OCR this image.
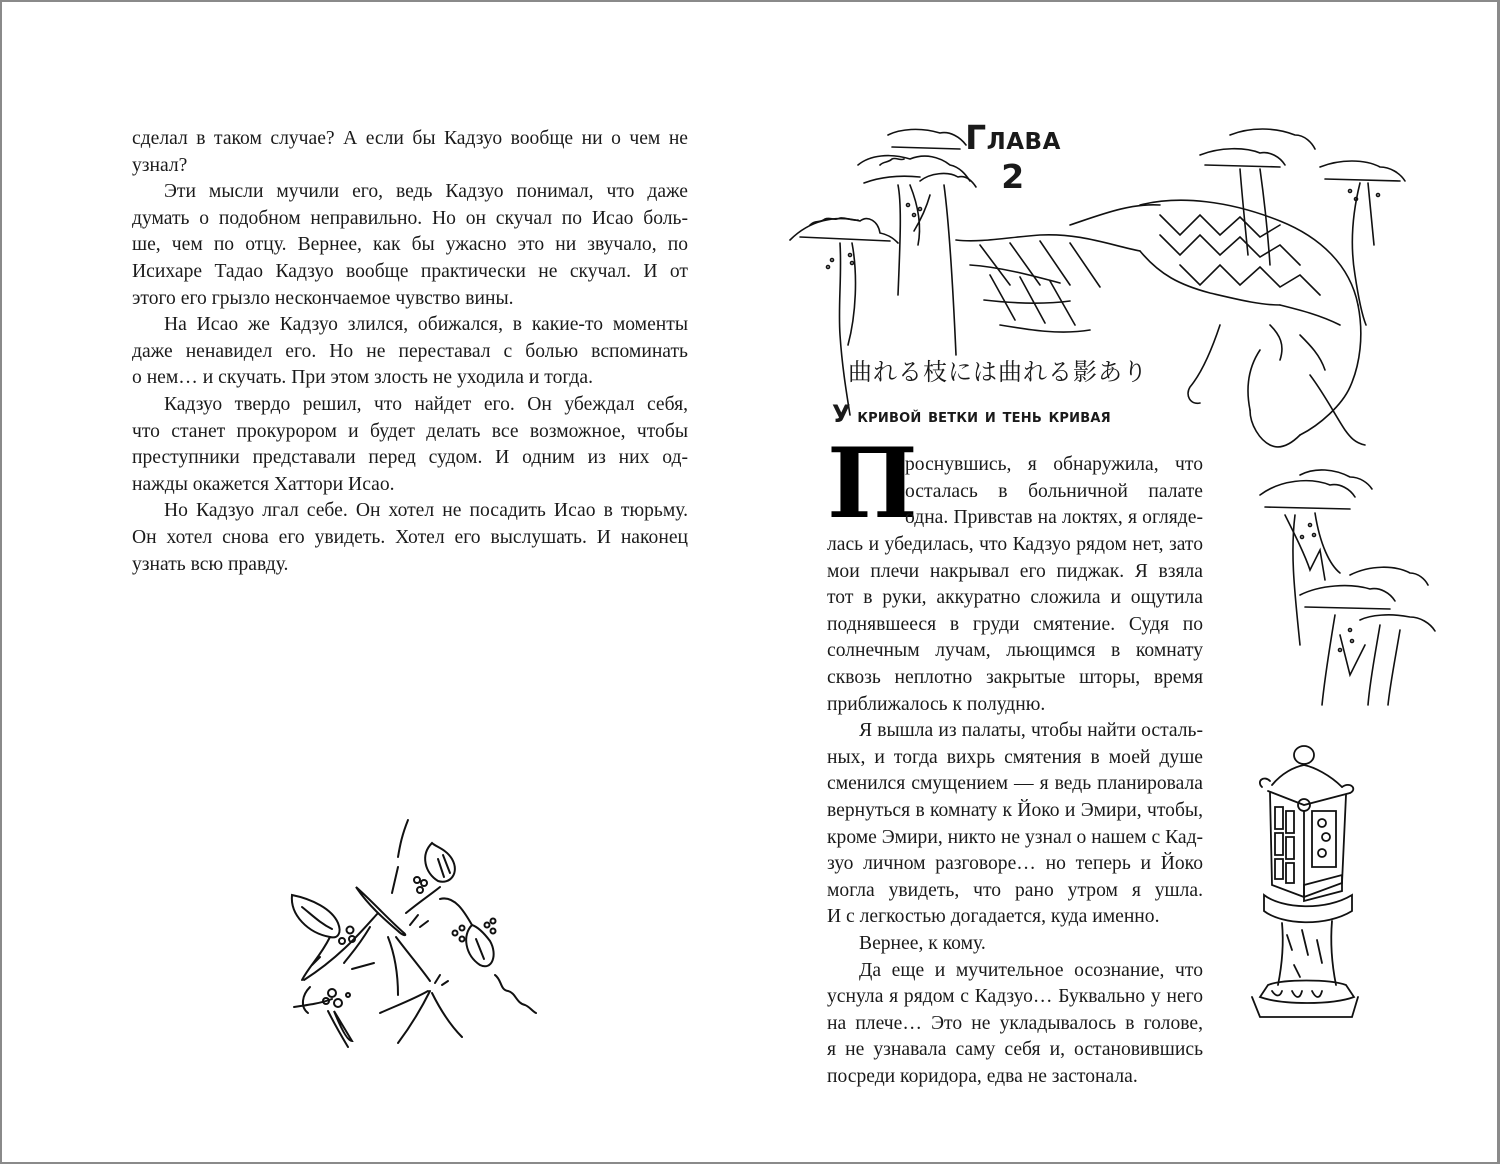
сделал в таком случае? А если бы Кадзуо вообще ни о чем не
узнал?
Эти мысли мучили его, ведь Кадзуо понимал, что даже
думать о подобном неправильно. Но он скучал по Исао боль-
ше, чем по отцу. Вернее, как бы ужасно это ни звучало, по
Исихаре Тадао Кадзуо вообще практически не скучал. И от
этого его грызло нескончаемое чувство вины.
На Исао же Кадзуо злился, обижался, в какие-то моменты
даже ненавидел его. Но не переставал с болью вспоминать
о нем… и скучать. При этом злость не уходила и тогда.
Кадзуо твердо решил, что найдет его. Он убеждал себя,
что станет прокурором и будет делать все возможное, чтобы
преступники представали перед судом. И одним из них од-
нажды окажется Хаттори Исао.
Но Кадзуо лгал себе. Он хотел не посадить Исао в тюрьму.
Он хотел снова его увидеть. Хотел его выслушать. И наконец
узнать всю правду.
Глава 2
曲れる枝には曲れる影あり
У кривой ветки и тень кривая
П
роснувшись, я обнаружила, что
осталась в больничной палате
одна. Привстав на локтях, я огляде-
лась и убедилась, что Кадзуо рядом нет, зато
мои плечи накрывал его пиджак. Я взяла
тот в руки, аккуратно сложила и ощутила
поднявшееся в груди смятение. Судя по
солнечным лучам, льющимся в комнату
сквозь неплотно закрытые шторы, время
приближалось к полудню.
Я вышла из палаты, чтобы найти осталь-
ных, и тогда вихрь смятения в моей душе
сменился смущением — я ведь планировала
вернуться в комнату к Йоко и Эмири, чтобы,
кроме Эмири, никто не узнал о нашем с Кад-
зуо личном разговоре… но теперь и Йоко
могла увидеть, что рано утром я ушла.
И с легкостью догадается, куда именно.
Вернее, к кому.
Да еще и мучительное осознание, что
уснула я рядом с Кадзуо… Буквально у него
на плече… Это не укладывалось в голове,
я не узнавала саму себя и, остановившись
посреди коридора, едва не застонала.
